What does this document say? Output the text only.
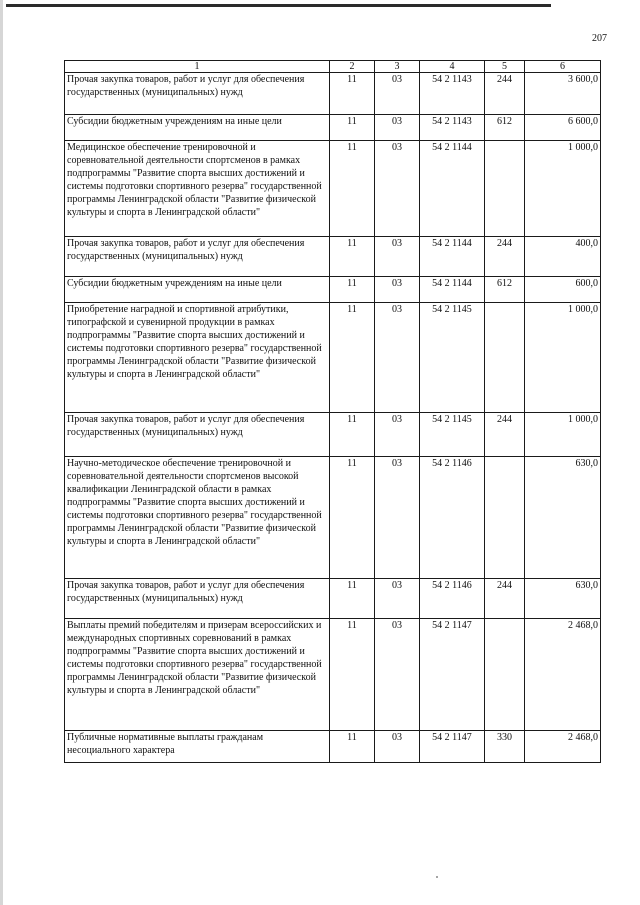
207
1	2	3	4	5	6
Прочая закупка товаров, работ и услуг для обеспечения государственных (муниципальных) нужд	11	03	54 2 1143	244	3 600,0
Субсидии бюджетным учреждениям на иные цели	11	03	54 2 1143	612	6 600,0
Медицинское обеспечение тренировочной и соревновательной деятельности спортсменов в рамках подпрограммы "Развитие спорта высших достижений и системы подготовки спортивного резерва" государственной программы Ленинградской области "Развитие физической культуры и спорта в Ленинградской области"	11	03	54 2 1144		1 000,0
Прочая закупка товаров, работ и услуг для обеспечения государственных (муниципальных) нужд	11	03	54 2 1144	244	400,0
Субсидии бюджетным учреждениям на иные цели	11	03	54 2 1144	612	600,0
Приобретение наградной и спортивной атрибутики, типографской и сувенирной продукции в рамках подпрограммы "Развитие спорта высших достижений и системы подготовки спортивного резерва" государственной программы Ленинградской области "Развитие физической культуры и спорта в Ленинградской области"	11	03	54 2 1145		1 000,0
Прочая закупка товаров, работ и услуг для обеспечения государственных (муниципальных) нужд	11	03	54 2 1145	244	1 000,0
Научно-методическое обеспечение тренировочной и соревновательной деятельности спортсменов высокой квалификации Ленинградской области в рамках подпрограммы "Развитие спорта высших достижений и системы подготовки спортивного резерва" государственной программы Ленинградской области "Развитие физической культуры и спорта в Ленинградской области"	11	03	54 2 1146		630,0
Прочая закупка товаров, работ и услуг для обеспечения государственных (муниципальных) нужд	11	03	54 2 1146	244	630,0
Выплаты премий победителям и призерам всероссийских и международных спортивных соревнований в рамках подпрограммы "Развитие спорта высших достижений и системы подготовки спортивного резерва" государственной программы Ленинградской области "Развитие физической культуры и спорта в Ленинградской области"	11	03	54 2 1147		2 468,0
Публичные нормативные выплаты гражданам несоциального характера	11	03	54 2 1147	330	2 468,0
